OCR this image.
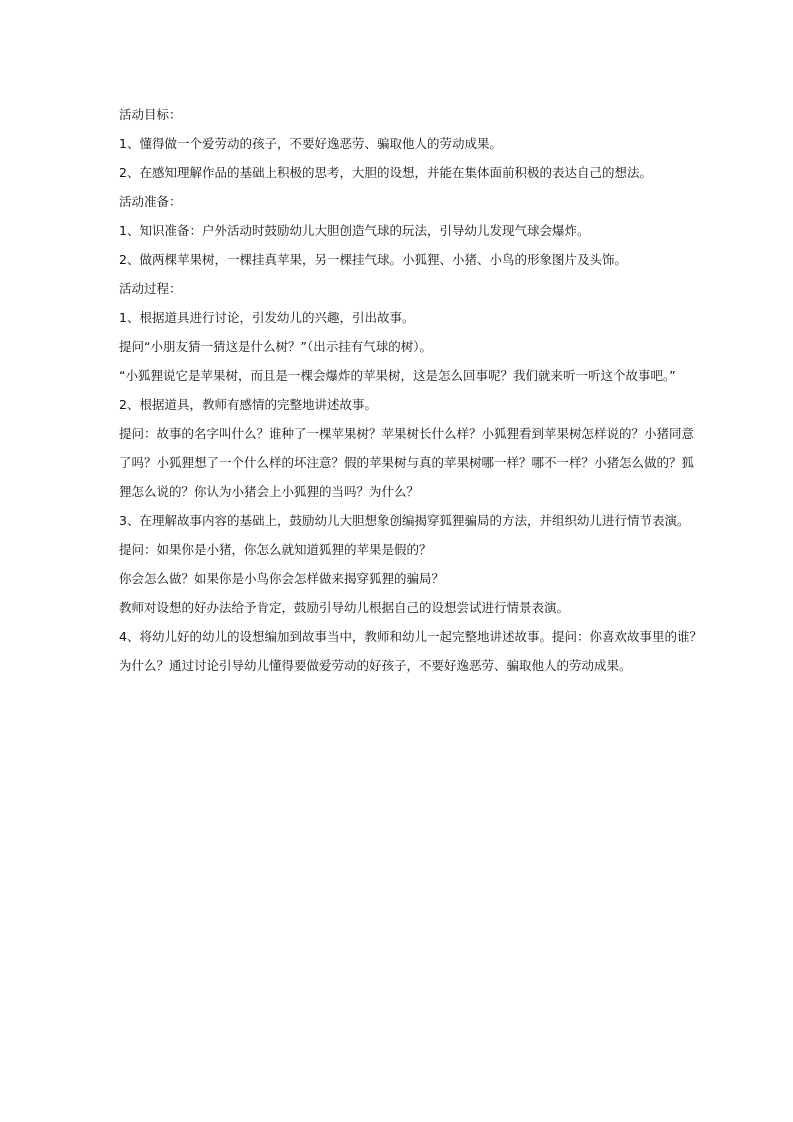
活动目标：
1、懂得做一个爱劳动的孩子，不要好逸恶劳、骗取他人的劳动成果。
2、在感知理解作品的基础上积极的思考，大胆的设想，并能在集体面前积极的表达自己的想法。
活动准备：
1、知识准备：户外活动时鼓励幼儿大胆创造气球的玩法，引导幼儿发现气球会爆炸。
2、做两棵苹果树，一棵挂真苹果，另一棵挂气球。小狐狸、小猪、小鸟的形象图片及头饰。
活动过程：
1、根据道具进行讨论，引发幼儿的兴趣，引出故事。
提问“小朋友猜一猜这是什么树？”（出示挂有气球的树）。
“小狐狸说它是苹果树，而且是一棵会爆炸的苹果树，这是怎么回事呢？我们就来听一听这个故事吧。”
2、根据道具，教师有感情的完整地讲述故事。
提问：故事的名字叫什么？谁种了一棵苹果树？苹果树长什么样？小狐狸看到苹果树怎样说的？小猪同意
了吗？小狐狸想了一个什么样的坏注意？假的苹果树与真的苹果树哪一样？哪不一样？小猪怎么做的？狐
狸怎么说的？你认为小猪会上小狐狸的当吗？为什么？
3、在理解故事内容的基础上，鼓励幼儿大胆想象创编揭穿狐狸骗局的方法，并组织幼儿进行情节表演。
提问：如果你是小猪，你怎么就知道狐狸的苹果是假的？
你会怎么做？如果你是小鸟你会怎样做来揭穿狐狸的骗局？
教师对设想的好办法给予肯定，鼓励引导幼儿根据自己的设想尝试进行情景表演。
4、将幼儿好的幼儿的设想编加到故事当中，教师和幼儿一起完整地讲述故事。提问：你喜欢故事里的谁？
为什么？通过讨论引导幼儿懂得要做爱劳动的好孩子，不要好逸恶劳、骗取他人的劳动成果。
